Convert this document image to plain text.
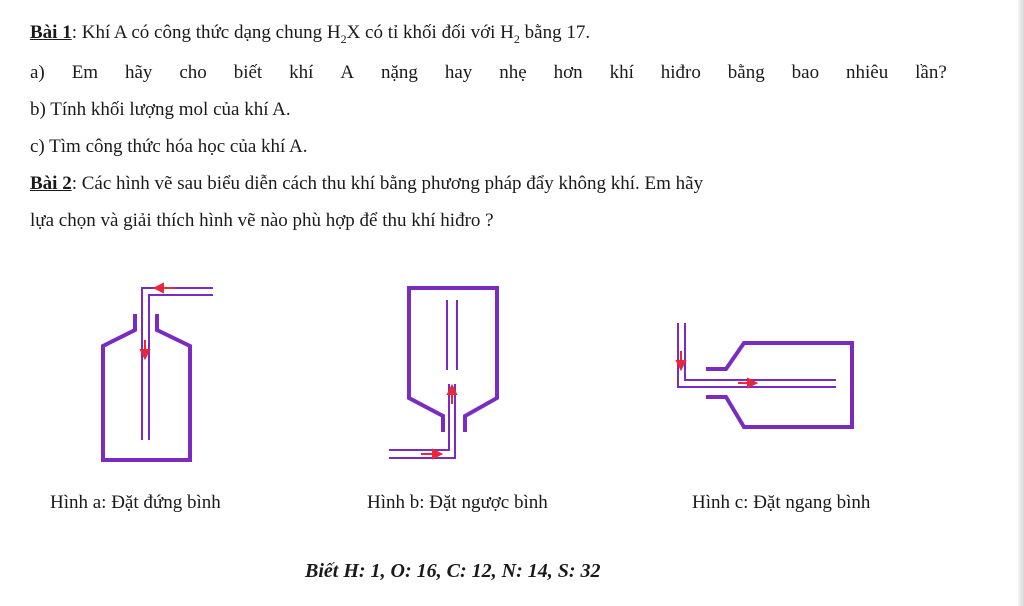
Bài 1: Khí A có công thức dạng chung $H_2X$ có tỉ khối đối với $H_2$ bằng 17.
a) Em hãy cho biết khí A nặng hay nhẹ hơn khí hiđro bằng bao nhiêu lần?
b) Tính khối lượng mol của khí A.
c) Tìm công thức hóa học của khí A.
Bài 2: Các hình vẽ sau biểu diễn cách thu khí bằng phương pháp đẩy không khí. Em hãy
lựa chọn và giải thích hình vẽ nào phù hợp để thu khí hiđro ?
Hình a: Đặt đứng bình	Hình b: Đặt ngược bình	Hình c: Đặt ngang bình
Biết H: 1, O: 16, C: 12, N: 14, S: 32
